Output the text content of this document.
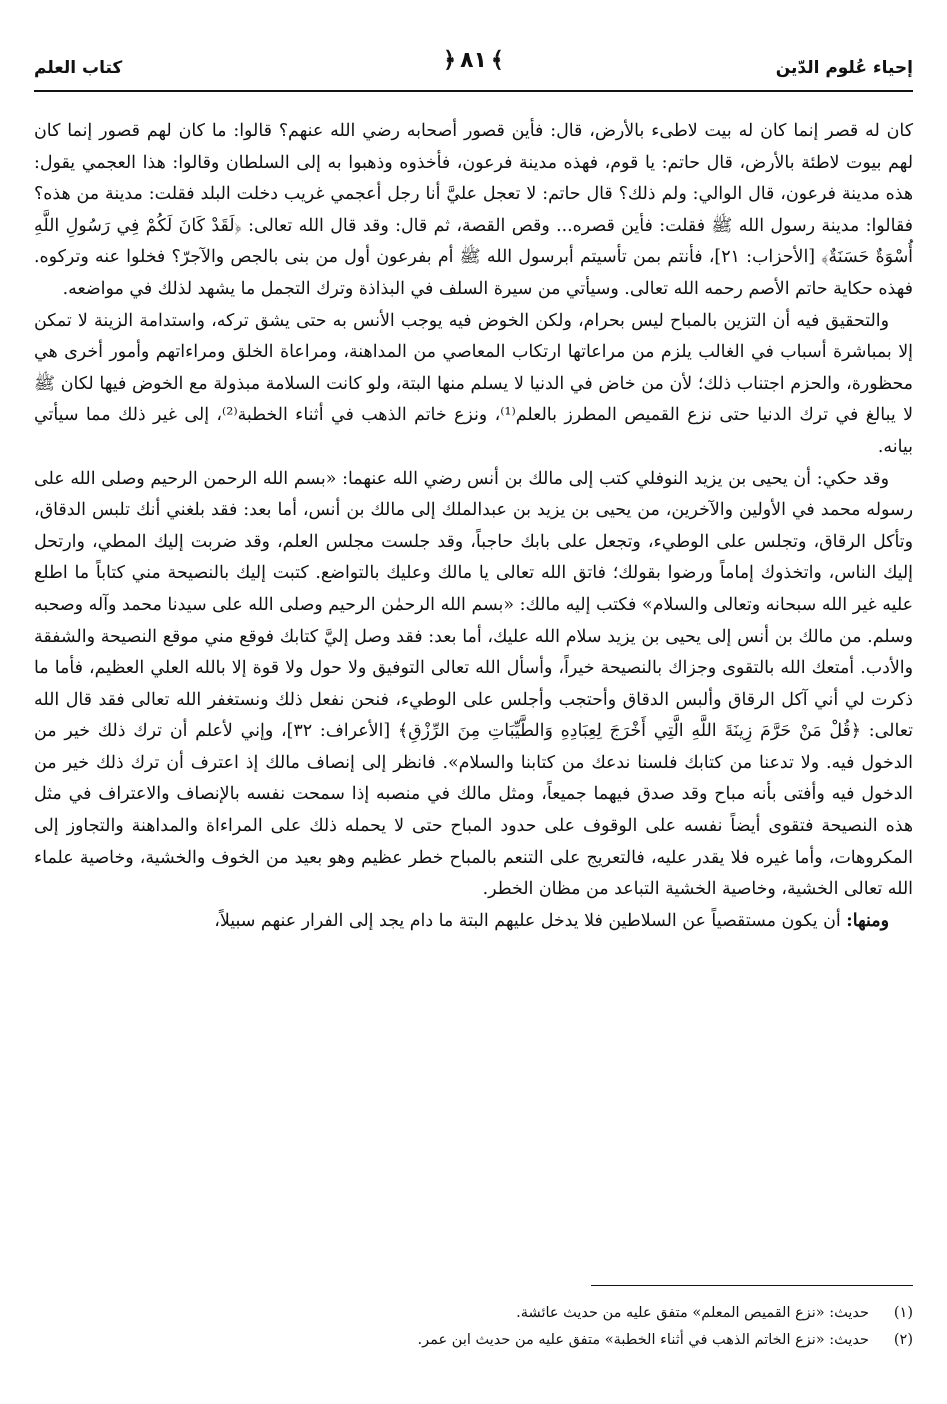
إحياء عُلوم الدّين
﴾
٨١
﴿
كتاب العلم

كان له قصر إنما كان له بيت لاطىء بالأرض، قال: فأين قصور أصحابه رضي الله عنهم؟ قالوا: ما كان لهم قصور إنما كان لهم بيوت لاطئة بالأرض، قال حاتم: يا قوم، فهذه مدينة فرعون، فأخذوه وذهبوا به إلى السلطان وقالوا: هذا العجمي يقول: هذه مدينة فرعون، قال الوالي: ولم ذلك؟ قال حاتم: لا تعجل عليَّ أنا رجل أعجمي غريب دخلت البلد فقلت: مدينة من هذه؟ فقالوا: مدينة رسول الله ﷺ فقلت: فأين قصره... وقص القصة، ثم قال: وقد قال الله تعالى: ﴿لَقَدْ كَانَ لَكُمْ فِي رَسُولِ اللَّهِ أُسْوَةٌ حَسَنَةٌ﴾ [الأحزاب: ٢١]، فأنتم بمن تأسيتم أبرسول الله ﷺ أم بفرعون أول من بنى بالجص والآجرّ؟ فخلوا عنه وتركوه. فهذه حكاية حاتم الأصم رحمه الله تعالى. وسيأتي من سيرة السلف في البذاذة وترك التجمل ما يشهد لذلك في مواضعه.

والتحقيق فيه أن التزين بالمباح ليس بحرام، ولكن الخوض فيه يوجب الأنس به حتى يشق تركه، واستدامة الزينة لا تمكن إلا بمباشرة أسباب في الغالب يلزم من مراعاتها ارتكاب المعاصي من المداهنة، ومراعاة الخلق ومراءاتهم وأمور أخرى هي محظورة، والحزم اجتناب ذلك؛ لأن من خاض في الدنيا لا يسلم منها البتة، ولو كانت السلامة مبذولة مع الخوض فيها لكان ﷺ لا يبالغ في ترك الدنيا حتى نزع القميص المطرز بالعلم⁽¹⁾، ونزع خاتم الذهب في أثناء الخطبة⁽²⁾، إلى غير ذلك مما سيأتي بيانه.

وقد حكي: أن يحيى بن يزيد النوفلي كتب إلى مالك بن أنس رضي الله عنهما: «بسم الله الرحمن الرحيم وصلى الله على رسوله محمد في الأولين والآخرين، من يحيى بن يزيد بن عبدالملك إلى مالك بن أنس، أما بعد: فقد بلغني أنك تلبس الدقاق، وتأكل الرقاق، وتجلس على الوطيء، وتجعل على بابك حاجباً، وقد جلست مجلس العلم، وقد ضربت إليك المطي، وارتحل إليك الناس، واتخذوك إماماً ورضوا بقولك؛ فاتق الله تعالى يا مالك وعليك بالتواضع. كتبت إليك بالنصيحة مني كتاباً ما اطلع عليه غير الله سبحانه وتعالى والسلام» فكتب إليه مالك: «بسم الله الرحمٰن الرحيم وصلى الله على سيدنا محمد وآله وصحبه وسلم. من مالك بن أنس إلى يحيى بن يزيد سلام الله عليك، أما بعد: فقد وصل إليَّ كتابك فوقع مني موقع النصيحة والشفقة والأدب. أمتعك الله بالتقوى وجزاك بالنصيحة خيراً، وأسأل الله تعالى التوفيق ولا حول ولا قوة إلا بالله العلي العظيم، فأما ما ذكرت لي أني آكل الرقاق وألبس الدقاق وأحتجب وأجلس على الوطيء، فنحن نفعل ذلك ونستغفر الله تعالى فقد قال الله تعالى: ﴿قُلْ مَنْ حَرَّمَ زِينَةَ اللَّهِ الَّتِي أَخْرَجَ لِعِبَادِهِ وَالطَّيِّبَاتِ مِنَ الرِّزْقِ﴾ [الأعراف: ٣٢]، وإني لأعلم أن ترك ذلك خير من الدخول فيه. ولا تدعنا من كتابك فلسنا ندعك من كتابنا والسلام». فانظر إلى إنصاف مالك إذ اعترف أن ترك ذلك خير من الدخول فيه وأفتى بأنه مباح وقد صدق فيهما جميعاً، ومثل مالك في منصبه إذا سمحت نفسه بالإنصاف والاعتراف في مثل هذه النصيحة فتقوى أيضاً نفسه على الوقوف على حدود المباح حتى لا يحمله ذلك على المراءاة والمداهنة والتجاوز إلى المكروهات، وأما غيره فلا يقدر عليه، فالتعريج على التنعم بالمباح خطر عظيم وهو بعيد من الخوف والخشية، وخاصية علماء الله تعالى الخشية، وخاصية الخشية التباعد من مظان الخطر.

ومنها: أن يكون مستقصياً عن السلاطين فلا يدخل عليهم البتة ما دام يجد إلى الفرار عنهم سبيلاً،

(١)
حديث: «نزع القميص المعلم» متفق عليه من حديث عائشة.
(٢)
حديث: «نزع الخاتم الذهب في أثناء الخطبة» متفق عليه من حديث ابن عمر.
